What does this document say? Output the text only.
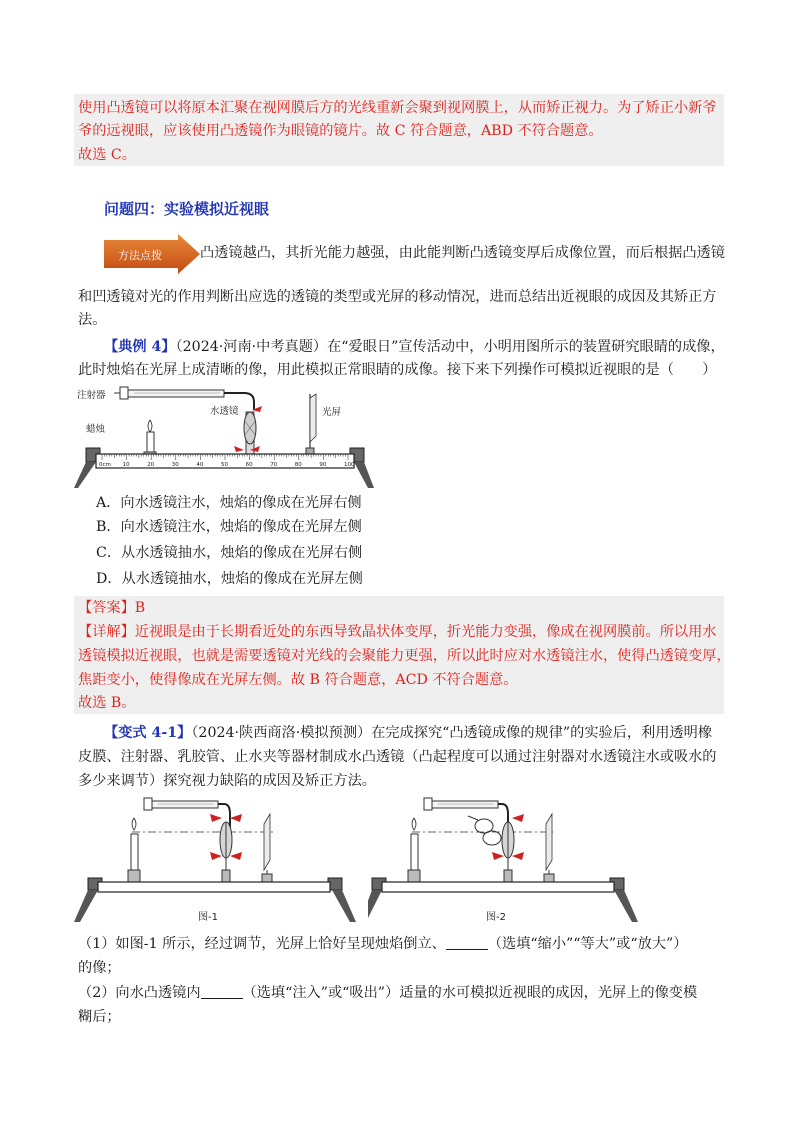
使用凸透镜可以将原本汇聚在视网膜后方的光线重新会聚到视网膜上，从而矫正视力。为了矫正小新爷
爷的远视眼，应该使用凸透镜作为眼镜的镜片。故 C 符合题意，ABD 不符合题意。
故选 C。
问题四：实验模拟近视眼
方法点拨	凸透镜越凸，其折光能力越强，由此能判断凸透镜变厚后成像位置，而后根据凸透镜
和凹透镜对光的作用判断出应选的透镜的类型或光屏的移动情况，进而总结出近视眼的成因及其矫正方
法。
【典例 4】（2024·河南·中考真题）在“爱眼日”宣传活动中，小明用图所示的装置研究眼睛的成像，
此时烛焰在光屏上成清晰的像，用此模拟正常眼睛的成像。接下来下列操作可模拟近视眼的是（　　）
注射器
水透镜	光屏
蜡烛
0cm 10	20	30	40	50	60	70	80	90	100
A．向水透镜注水，烛焰的像成在光屏右侧
B．向水透镜注水，烛焰的像成在光屏左侧
C．从水透镜抽水，烛焰的像成在光屏右侧
D．从水透镜抽水，烛焰的像成在光屏左侧
【答案】B
【详解】近视眼是由于长期看近处的东西导致晶状体变厚，折光能力变强，像成在视网膜前。所以用水
透镜模拟近视眼，也就是需要透镜对光线的会聚能力更强，所以此时应对水透镜注水，使得凸透镜变厚，
焦距变小，使得像成在光屏左侧。故 B 符合题意，ACD 不符合题意。
故选 B。
【变式 4-1】（2024·陕西商洛·模拟预测）在完成探究“凸透镜成像的规律”的实验后，利用透明橡
皮膜、注射器、乳胶管、止水夹等器材制成水凸透镜（凸起程度可以通过注射器对水透镜注水或吸水的
多少来调节）探究视力缺陷的成因及矫正方法。
图-1	图-2
（1）如图-1 所示，经过调节，光屏上恰好呈现烛焰倒立、	（选填“缩小”“等大”或“放大”）
的像；
（2）向水凸透镜内	（选填“注入”或“吸出”）适量的水可模拟近视眼的成因，光屏上的像变模
糊后；
